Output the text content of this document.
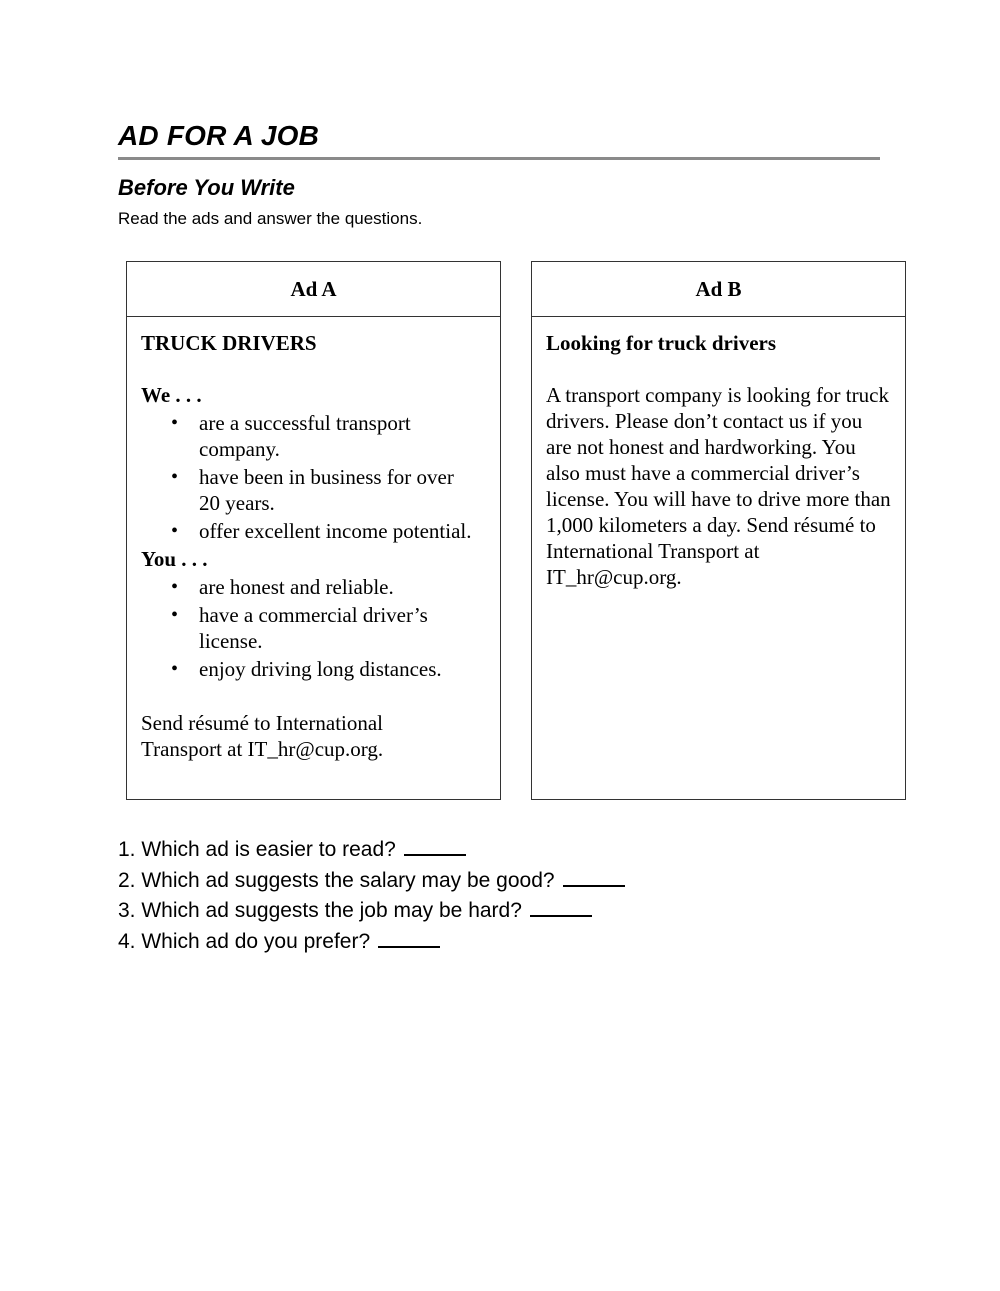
AD FOR A JOB
Before You Write
Read the ads and answer the questions.
Ad A
TRUCK DRIVERS
We . . .
• are a successful transport company.
• have been in business for over 20 years.
• offer excellent income potential.
You . . .
• are honest and reliable.
• have a commercial driver’s license.
• enjoy driving long distances.
Send résumé to International Transport at IT_hr@cup.org.
Ad B
Looking for truck drivers
A transport company is looking for truck drivers. Please don’t contact us if you are not honest and hardworking. You also must have a commercial driver’s license. You will have to drive more than 1,000 kilometers a day. Send résumé to International Transport at IT_hr@cup.org.
1. Which ad is easier to read?
2. Which ad suggests the salary may be good?
3. Which ad suggests the job may be hard?
4. Which ad do you prefer?
